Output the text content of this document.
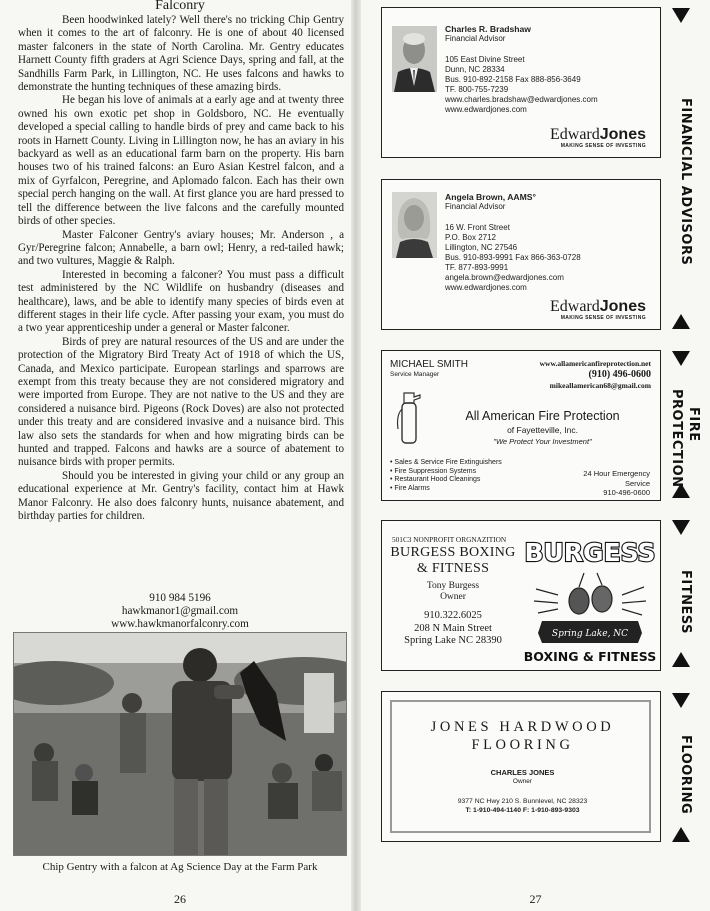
Falconry

Been hoodwinked lately? Well there's no tricking Chip Gentry when it comes to the art of falconry. He is one of about 40 licensed master falconers in the state of North Carolina. Mr. Gentry educates Harnett County fifth graders at Agri Science Days, spring and fall, at the Sandhills Farm Park, in Lillington, NC. He uses falcons and hawks to demonstrate the hunting techniques of these amazing birds.

He began his love of animals at a early age and at twenty three owned his own exotic pet shop in Goldsboro, NC. He eventually developed a special calling to handle birds of prey and came back to his roots in Harnett County. Living in Lillington now, he has an aviary in his backyard as well as an educational farm barn on the property. His barn houses two of his trained falcons: an Euro Asian Kestrel falcon, and a mix of Gyrfalcon, Peregrine, and Aplomado falcon. Each has their own special perch hanging on the wall. At first glance you are hard pressed to tell the difference between the live falcons and the carefully mounted birds of other species.

Master Falconer Gentry's aviary houses; Mr. Anderson , a Gyr/Peregrine falcon; Annabelle, a barn owl; Henry, a red-tailed hawk; and two vultures, Maggie & Ralph.

Interested in becoming a falconer? You must pass a difficult test administered by the NC Wildlife on husbandry (diseases and healthcare), laws, and be able to identify many species of birds even at different stages in their life cycle. After passing your exam, you must do a two year apprenticeship under a general or Master falconer.

Birds of prey are natural resources of the US and are under the protection of the Migratory Bird Treaty Act of 1918 of which the US, Canada, and Mexico participate. European starlings and sparrows are exempt from this treaty because they are not considered migratory and were imported from Europe. They are not native to the US and they are considered a nuisance bird. Pigeons (Rock Doves) are also not protected under this treaty and are considered invasive and a nuisance bird. This law also sets the standards for when and how migrating birds can be hunted and trapped. Falcons and hawks are a source of abatement to nuisance birds with proper permits.

Should you be interested in giving your child or any group an educational experience at Mr. Gentry's facility, contact him at Hawk Manor Falconry. He also does falconry hunts, nuisance abatement, and birthday parties for children.

910 984 5196
hawkmanor1@gmail.com
www.hawkmanorfalconry.com
Chip Gentry with a falcon at Ag Science Day at the Farm Park
26
Charles R. Bradshaw
Financial Advisor
105 East Divine Street
Dunn, NC 28334
Bus. 910-892-2158 Fax 888-856-3649
TF. 800-755-7239
www.charles.bradshaw@edwardjones.com
www.edwardjones.com
EdwardJones
MAKING SENSE OF INVESTING
Angela Brown, AAMS°
Financial Advisor
16 W. Front Street
P.O. Box 2712
Lillington, NC 27546
Bus. 910-893-9991 Fax 866-363-0728
TF. 877-893-9991
angela.brown@edwardjones.com
www.edwardjones.com
EdwardJones
MAKING SENSE OF INVESTING
MICHAEL SMITH
Service Manager
www.allamericanfireprotection.net
(910) 496-0600
mikeallamerican68@gmail.com
All American Fire Protection
of Fayetteville, Inc.
"We Protect Your Investment"
• Sales & Service Fire Extinguishers
• Fire Suppression Systems
• Restaurant Hood Cleanings
• Fire Alarms
24 Hour Emergency
Service
910-496-0600
501C3 NONPROFIT ORGNAZITION
BURGESS BOXING
& FITNESS
Tony Burgess
Owner
910.322.6025
208 N Main Street
Spring Lake NC 28390
BURGESS
Spring Lake, NC
BOXING & FITNESS
JONES HARDWOOD
FLOORING
CHARLES JONES
Owner
9377 NC Hwy 210 S. Bunnlevel, NC 28323
T: 1-910-494-1140 F: 1-910-893-9303
FINANCIAL ADVISORS
FIRE
PROTECTION
FITNESS
FLOORING
27
